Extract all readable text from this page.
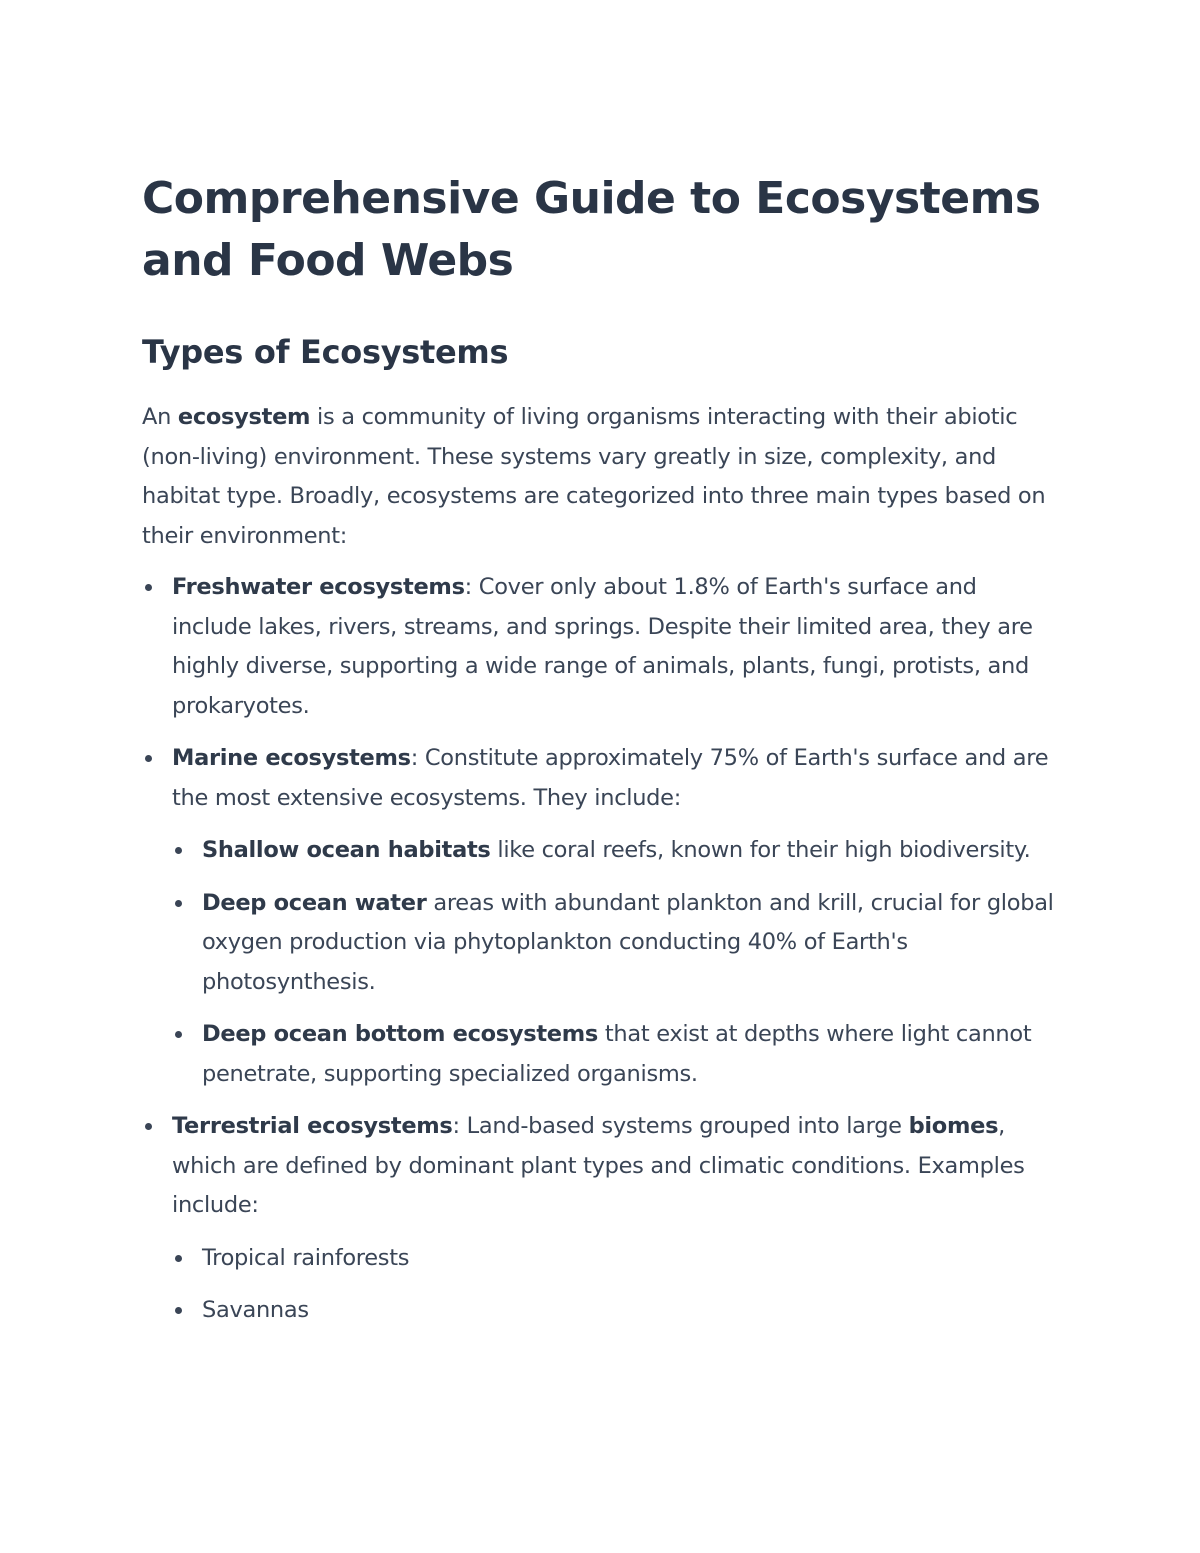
Comprehensive Guide to Ecosystems and Food Webs
Types of Ecosystems

An ecosystem is a community of living organisms interacting with their abiotic (non-living) environment. These systems vary greatly in size, complexity, and habitat type. Broadly, ecosystems are categorized into three main types based on their environment:

Freshwater ecosystems: Cover only about 1.8% of Earth's surface and include lakes, rivers, streams, and springs. Despite their limited area, they are highly diverse, supporting a wide range of animals, plants, fungi, protists, and prokaryotes.
Marine ecosystems: Constitute approximately 75% of Earth's surface and are the most extensive ecosystems. They include:
Shallow ocean habitats like coral reefs, known for their high biodiversity.
Deep ocean water areas with abundant plankton and krill, crucial for global oxygen production via phytoplankton conducting 40% of Earth's photosynthesis.
Deep ocean bottom ecosystems that exist at depths where light cannot penetrate, supporting specialized organisms.
Terrestrial ecosystems: Land-based systems grouped into large biomes, which are defined by dominant plant types and climatic conditions. Examples include:
Tropical rainforests
Savannas
